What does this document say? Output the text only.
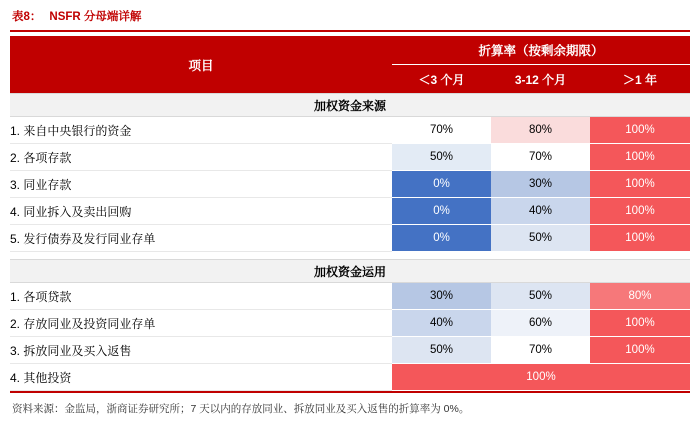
表8： NSFR 分母端详解
项目	折算率（按剩余期限）		
	＜3 个月	3-12 个月	＞1 年
加权资金来源			
1. 来自中央银行的资金	70%	80%	100%
2. 各项存款	50%	70%	100%
3. 同业存款	0%	30%	100%
4. 同业拆入及卖出回购	0%	40%	100%
5. 发行债券及发行同业存单	0%	50%	100%

加权资金运用			
1. 各项贷款	30%	50%	80%
2. 存放同业及投资同业存单	40%	60%	100%
3. 拆放同业及买入返售	50%	70%	100%
4. 其他投资	100%		
资料来源：金监局，浙商证券研究所；7 天以内的存放同业、拆放同业及买入返售的折算率为 0%。
